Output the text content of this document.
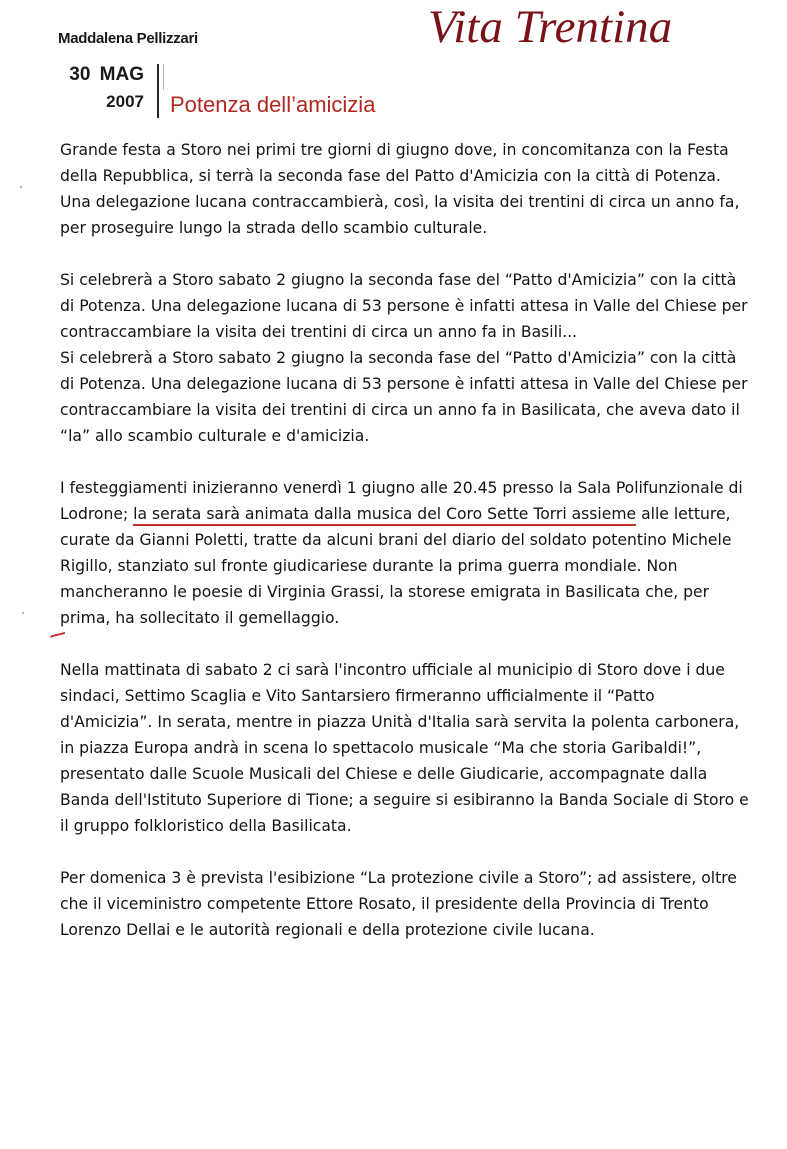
Maddalena Pellizzari	Vita Trentina
30 MAG
2007 Potenza dell’amicizia

Grande festa a Storo nei primi tre giorni di giugno dove, in concomitanza con la Festa della Repubblica, si terrà la seconda fase del Patto d'Amicizia con la città di Potenza. Una delegazione lucana contraccambierà, così, la visita dei trentini di circa un anno fa, per proseguire lungo la strada dello scambio culturale.

Si celebrerà a Storo sabato 2 giugno la seconda fase del “Patto d'Amicizia” con la città di Potenza. Una delegazione lucana di 53 persone è infatti attesa in Valle del Chiese per contraccambiare la visita dei trentini di circa un anno fa in Basili...

Si celebrerà a Storo sabato 2 giugno la seconda fase del “Patto d'Amicizia” con la città di Potenza. Una delegazione lucana di 53 persone è infatti attesa in Valle del Chiese per contraccambiare la visita dei trentini di circa un anno fa in Basilicata, che aveva dato il “la” allo scambio culturale e d'amicizia.

I festeggiamenti inizieranno venerdì 1 giugno alle 20.45 presso la Sala Polifunzionale di Lodrone; la serata sarà animata dalla musica del Coro Sette Torri assieme alle letture, curate da Gianni Poletti, tratte da alcuni brani del diario del soldato potentino Michele Rigillo, stanziato sul fronte giudicariese durante la prima guerra mondiale. Non mancheranno le poesie di Virginia Grassi, la storese emigrata in Basilicata che, per prima, ha sollecitato il gemellaggio.

Nella mattinata di sabato 2 ci sarà l'incontro ufficiale al municipio di Storo dove i due sindaci, Settimo Scaglia e Vito Santarsiero firmeranno ufficialmente il “Patto d'Amicizia”. In serata, mentre in piazza Unità d'Italia sarà servita la polenta carbonera, in piazza Europa andrà in scena lo spettacolo musicale “Ma che storia Garibaldi!”, presentato dalle Scuole Musicali del Chiese e delle Giudicarie, accompagnate dalla Banda dell'Istituto Superiore di Tione; a seguire si esibiranno la Banda Sociale di Storo e il gruppo folkloristico della Basilicata.

Per domenica 3 è prevista l'esibizione “La protezione civile a Storo”; ad assistere, oltre che il viceministro competente Ettore Rosato, il presidente della Provincia di Trento Lorenzo Dellai e le autorità regionali e della protezione civile lucana.
